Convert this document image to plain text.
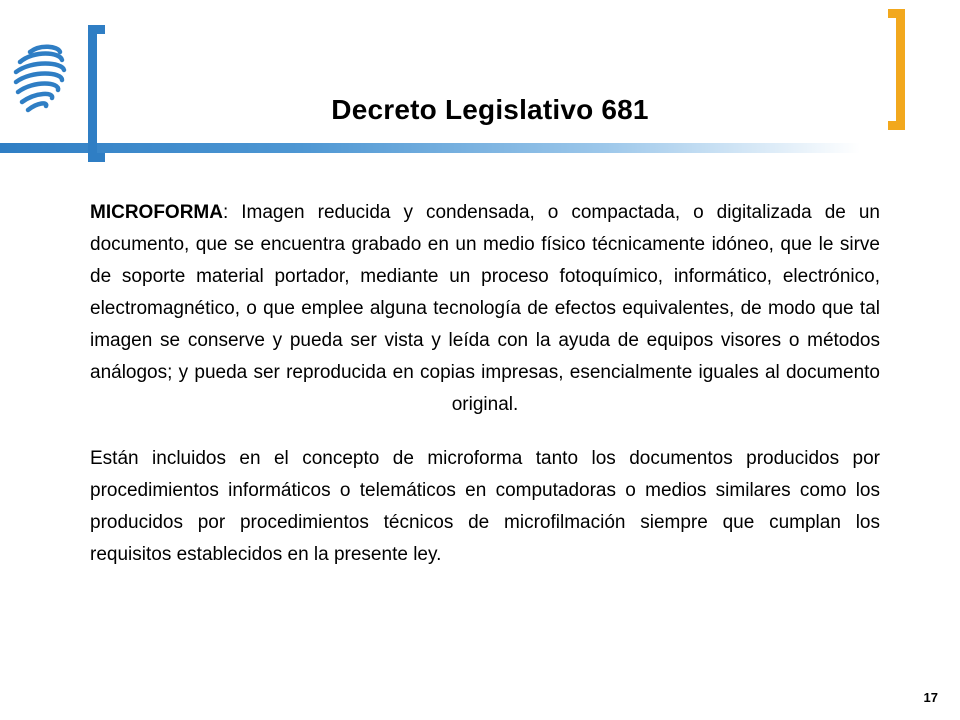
Decreto Legislativo 681

MICROFORMA: Imagen reducida y condensada, o compactada, o digitalizada de un documento, que se encuentra grabado en un medio físico técnicamente idóneo, que le sirve de soporte material portador, mediante un proceso fotoquímico, informático, electrónico, electromagnético, o que emplee alguna tecnología de efectos equivalentes, de modo que tal imagen se conserve y pueda ser vista y leída con la ayuda de equipos visores o métodos análogos; y pueda ser reproducida en copias impresas, esencialmente iguales al documento original.

Están incluidos en el concepto de microforma tanto los documentos producidos por procedimientos informáticos o telemáticos en computadoras o medios similares como los producidos por procedimientos técnicos de microfilmación siempre que cumplan los requisitos establecidos en la presente ley.

17
